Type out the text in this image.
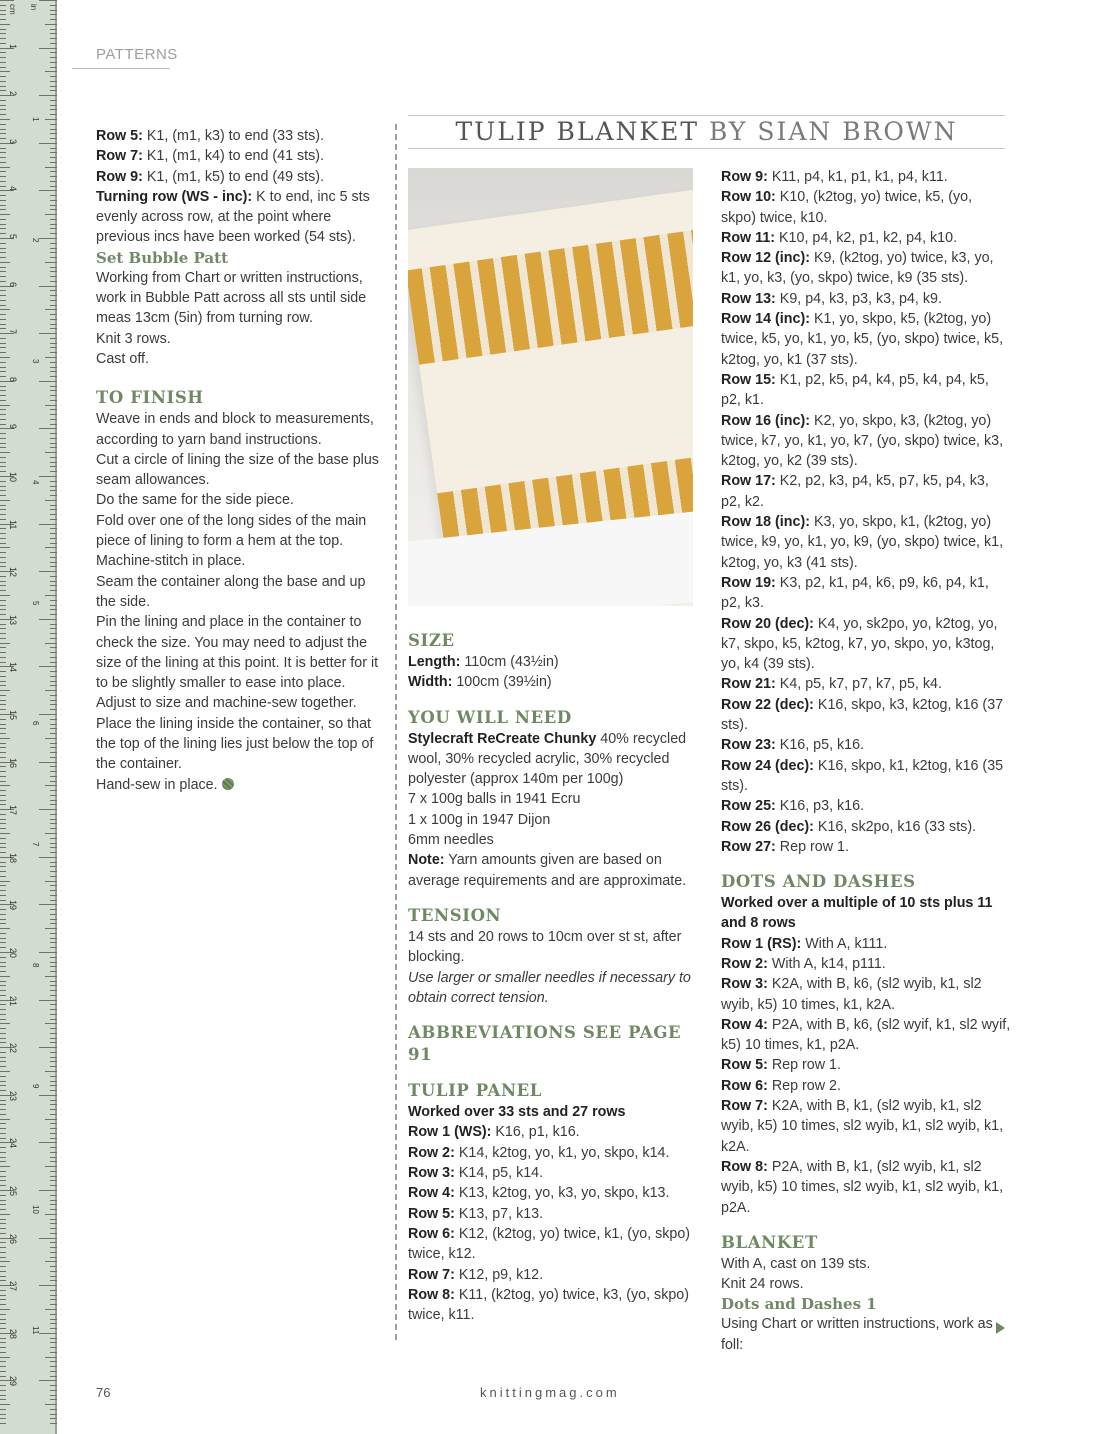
cm in
1
2
3
4
5
6
7
8
9
10
11
12
13
14
15
16
17
18
19
20
21
22
23
24
25
26
27
28
29
1
2
3
4
5
6
7
8
9
10
11
PATTERNS

Row 5: K1, (m1, k3) to end (33 sts).

Row 7: K1, (m1, k4) to end (41 sts).

Row 9: K1, (m1, k5) to end (49 sts).

Turning row (WS - inc): K to end, inc 5 sts evenly across row, at the point where previous incs have been worked (54 sts).

Set Bubble Patt

Working from Chart or written instructions, work in Bubble Patt across all sts until side meas 13cm (5in) from turning row.

Knit 3 rows.

Cast off.

TO FINISH

Weave in ends and block to measurements, according to yarn band instructions.

Cut a circle of lining the size of the base plus seam allowances.

Do the same for the side piece.

Fold over one of the long sides of the main piece of lining to form a hem at the top.

Machine-stitch in place.

Seam the container along the base and up the side.

Pin the lining and place in the container to check the size. You may need to adjust the size of the lining at this point. It is better for it to be slightly smaller to ease into place.

Adjust to size and machine-sew together.

Place the lining inside the container, so that the top of the lining lies just below the top of the container.

Hand-sew in place.

TULIP BLANKET BY SIAN BROWN

SIZE

Length: 110cm (43½in)

Width: 100cm (39½in)

YOU WILL NEED

Stylecraft ReCreate Chunky 40% recycled wool, 30% recycled acrylic, 30% recycled polyester (approx 140m per 100g)

7 x 100g balls in 1941 Ecru

1 x 100g in 1947 Dijon

6mm needles

Note: Yarn amounts given are based on average requirements and are approximate.

TENSION

14 sts and 20 rows to 10cm over st st, after blocking.

Use larger or smaller needles if necessary to obtain correct tension.

ABBREVIATIONS SEE PAGE 91

TULIP PANEL

Worked over 33 sts and 27 rows

Row 1 (WS): K16, p1, k16.

Row 2: K14, k2tog, yo, k1, yo, skpo, k14.

Row 3: K14, p5, k14.

Row 4: K13, k2tog, yo, k3, yo, skpo, k13.

Row 5: K13, p7, k13.

Row 6: K12, (k2tog, yo) twice, k1, (yo, skpo) twice, k12.

Row 7: K12, p9, k12.

Row 8: K11, (k2tog, yo) twice, k3, (yo, skpo) twice, k11.

Row 9: K11, p4, k1, p1, k1, p4, k11.

Row 10: K10, (k2tog, yo) twice, k5, (yo, skpo) twice, k10.

Row 11: K10, p4, k2, p1, k2, p4, k10.

Row 12 (inc): K9, (k2tog, yo) twice, k3, yo, k1, yo, k3, (yo, skpo) twice, k9 (35 sts).

Row 13: K9, p4, k3, p3, k3, p4, k9.

Row 14 (inc): K1, yo, skpo, k5, (k2tog, yo) twice, k5, yo, k1, yo, k5, (yo, skpo) twice, k5, k2tog, yo, k1 (37 sts).

Row 15: K1, p2, k5, p4, k4, p5, k4, p4, k5, p2, k1.

Row 16 (inc): K2, yo, skpo, k3, (k2tog, yo) twice, k7, yo, k1, yo, k7, (yo, skpo) twice, k3, k2tog, yo, k2 (39 sts).

Row 17: K2, p2, k3, p4, k5, p7, k5, p4, k3, p2, k2.

Row 18 (inc): K3, yo, skpo, k1, (k2tog, yo) twice, k9, yo, k1, yo, k9, (yo, skpo) twice, k1, k2tog, yo, k3 (41 sts).

Row 19: K3, p2, k1, p4, k6, p9, k6, p4, k1, p2, k3.

Row 20 (dec): K4, yo, sk2po, yo, k2tog, yo, k7, skpo, k5, k2tog, k7, yo, skpo, yo, k3tog, yo, k4 (39 sts).

Row 21: K4, p5, k7, p7, k7, p5, k4.

Row 22 (dec): K16, skpo, k3, k2tog, k16 (37 sts).

Row 23: K16, p5, k16.

Row 24 (dec): K16, skpo, k1, k2tog, k16 (35 sts).

Row 25: K16, p3, k16.

Row 26 (dec): K16, sk2po, k16 (33 sts).

Row 27: Rep row 1.

DOTS AND DASHES

Worked over a multiple of 10 sts plus 11 and 8 rows

Row 1 (RS): With A, k111.

Row 2: With A, k14, p111.

Row 3: K2A, with B, k6, (sl2 wyib, k1, sl2 wyib, k5) 10 times, k1, k2A.

Row 4: P2A, with B, k6, (sl2 wyif, k1, sl2 wyif, k5) 10 times, k1, p2A.

Row 5: Rep row 1.

Row 6: Rep row 2.

Row 7: K2A, with B, k1, (sl2 wyib, k1, sl2 wyib, k5) 10 times, sl2 wyib, k1, sl2 wyib, k1, k2A.

Row 8: P2A, with B, k1, (sl2 wyib, k1, sl2 wyib, k5) 10 times, sl2 wyib, k1, sl2 wyib, k1, p2A.

BLANKET

With A, cast on 139 sts.

Knit 24 rows.

Dots and Dashes 1

Using Chart or written instructions, work as foll:

76	knittingmag.com
